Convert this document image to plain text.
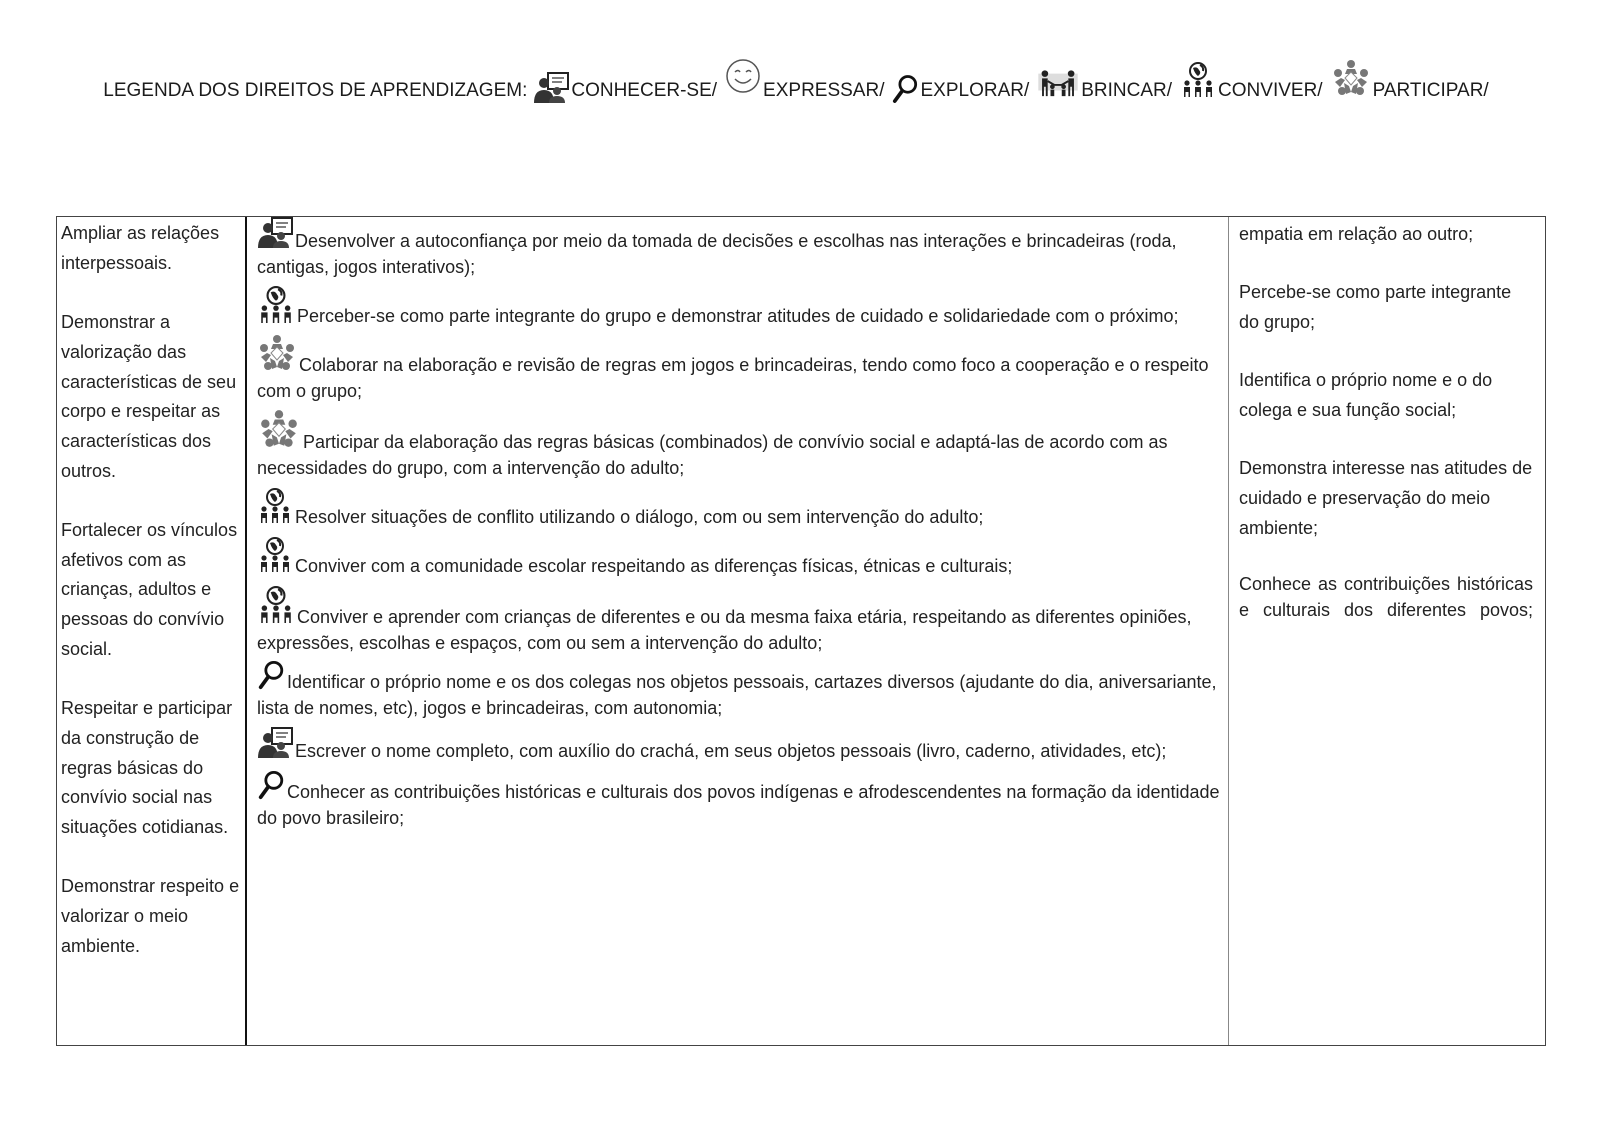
LEGENDA DOS DIREITOS DE APRENDIZAGEM: CONHECER-SE/ EXPRESSAR/ EXPLORAR/	BRINCAR/ CONVIVER/	PARTICIPAR/

Ampliar as relações interpessoais.

Demonstrar a valorização das características de seu corpo e respeitar as características dos outros.

Fortalecer os vínculos afetivos com as crianças, adultos e pessoas do convívio social.

Respeitar e participar da construção de regras básicas do convívio social nas situações cotidianas.

Demonstrar respeito e valorizar o meio ambiente.

Desenvolver a autoconfiança por meio da tomada de decisões e escolhas nas interações e brincadeiras (roda, cantigas, jogos interativos);
Perceber-se como parte integrante do grupo e demonstrar atitudes de cuidado e solidariedade com o próximo;
Colaborar na elaboração e revisão de regras em jogos e brincadeiras, tendo como foco a cooperação e o respeito com o grupo;
Participar da elaboração das regras básicas (combinados) de convívio social e adaptá-las de acordo com as necessidades do grupo, com a intervenção do adulto;
Resolver situações de conflito utilizando o diálogo, com ou sem intervenção do adulto;
Conviver com a comunidade escolar respeitando as diferenças físicas, étnicas e culturais;
Conviver e aprender com crianças de diferentes e ou da mesma faixa etária, respeitando as diferentes opiniões, expressões, escolhas e espaços, com ou sem a intervenção do adulto;
Identificar o próprio nome e os dos colegas nos objetos pessoais, cartazes diversos (ajudante do dia, aniversariante, lista de nomes, etc), jogos e brincadeiras, com autonomia;
Escrever o nome completo, com auxílio do crachá, em seus objetos pessoais (livro, caderno, atividades, etc);
Conhecer as contribuições históricas e culturais dos povos indígenas e afrodescendentes na formação da identidade do povo brasileiro;

empatia em relação ao outro;

Percebe-se como parte integrante do grupo;

Identifica o próprio nome e o do colega e sua função social;

Demonstra interesse nas atitudes de cuidado e preservação do meio ambiente;

Conhece as contribuições históricas e culturais dos diferentes povos;
